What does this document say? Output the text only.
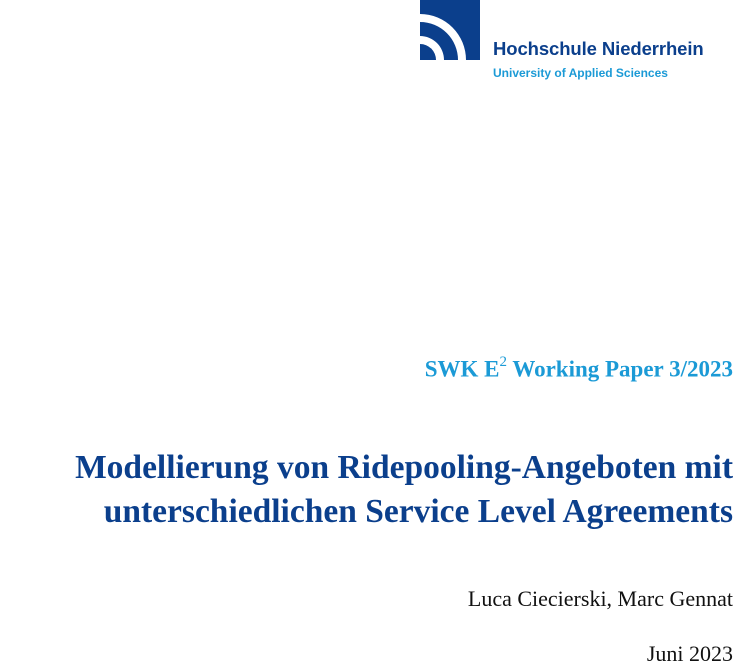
Hochschule Niederrhein
University of Applied Sciences
SWK $E^2$ Working Paper 3/2023
Modellierung von Ridepooling-Angeboten mit
unterschiedlichen Service Level Agreements
Luca Ciecierski, Marc Gennat
Juni 2023
